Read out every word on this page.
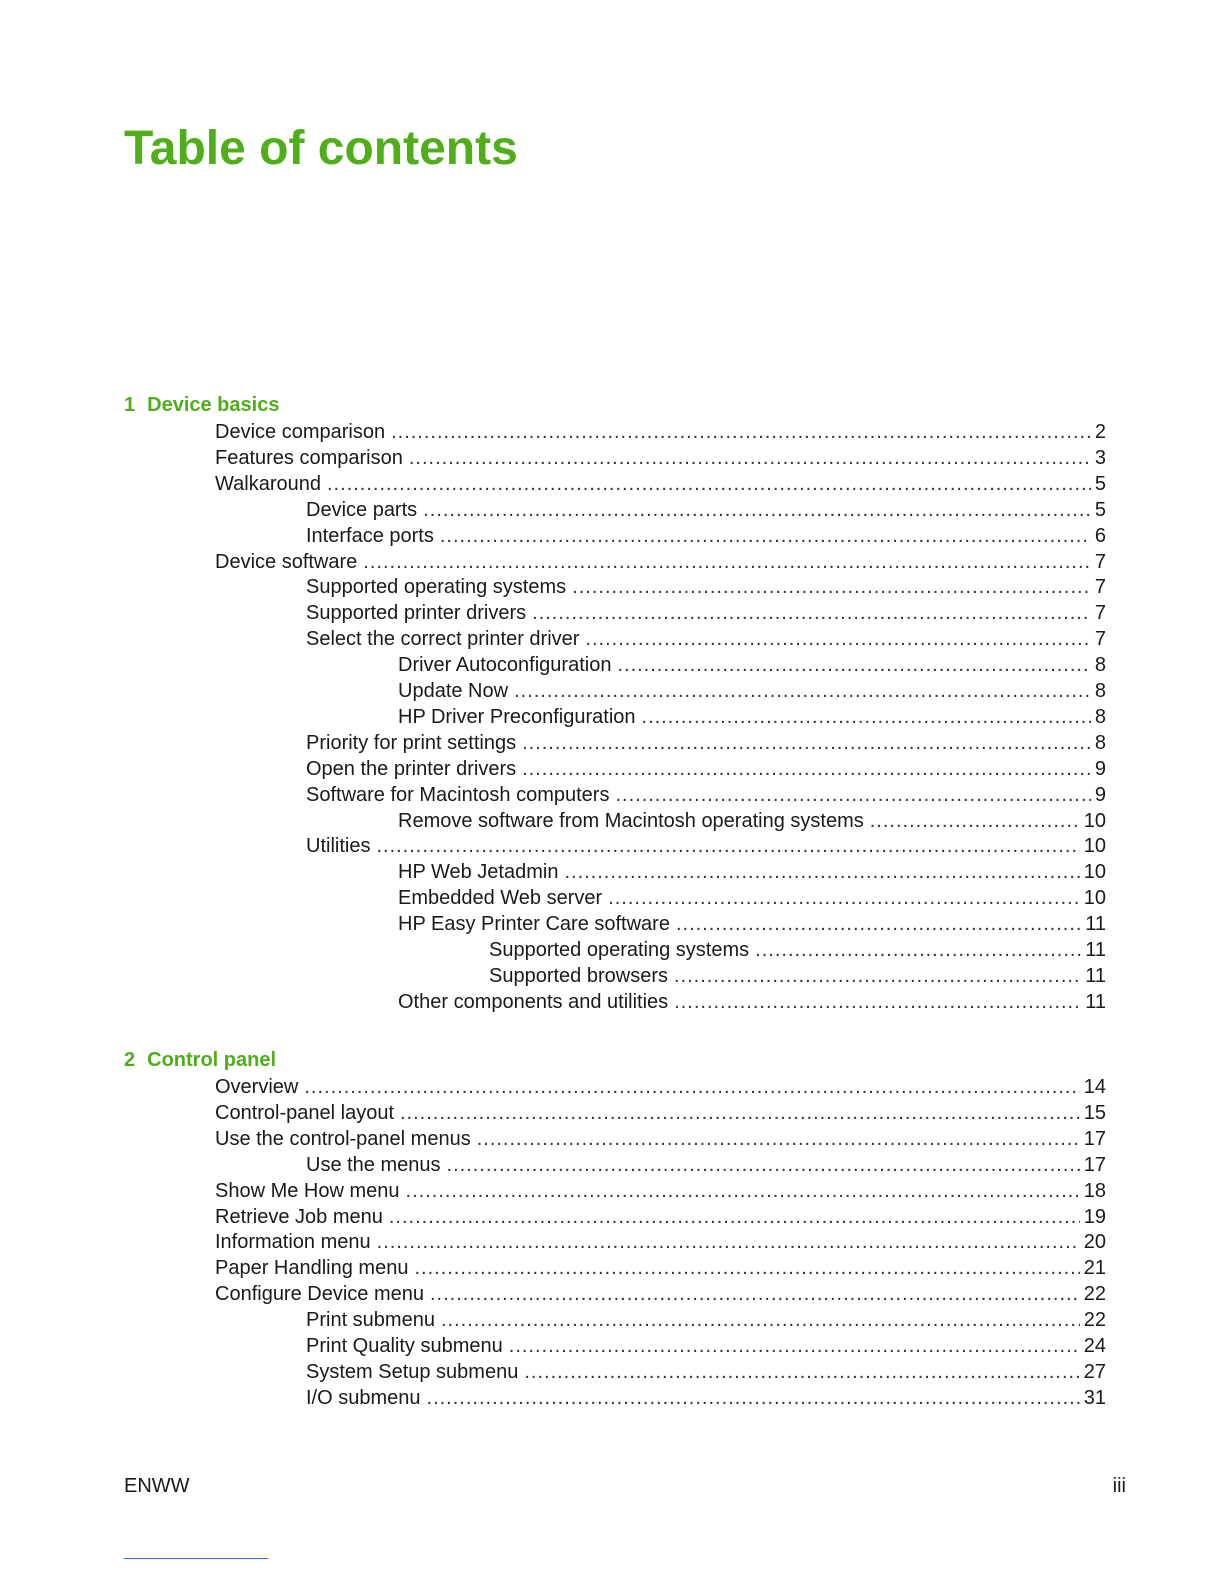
Table of contents
1 Device basics
Device comparison .....	2
Features comparison .....	3
Walkaround .....	5
Device parts .....	5
Interface ports .....	6
Device software .....	7
Supported operating systems .....	7
Supported printer drivers .....	7
Select the correct printer driver .....	7
Driver Autoconfiguration .....	8
Update Now .....	8
HP Driver Preconfiguration .....	8
Priority for print settings .....	8
Open the printer drivers .....	9
Software for Macintosh computers .....	9
Remove software from Macintosh operating systems .....	10
Utilities .....	10
HP Web Jetadmin .....	10
Embedded Web server .....	10
HP Easy Printer Care software .....	11
Supported operating systems .....	11
Supported browsers .....	11
Other components and utilities .....	11
2 Control panel
Overview .....	14
Control-panel layout .....	15
Use the control-panel menus .....	17
Use the menus .....	17
Show Me How menu .....	18
Retrieve Job menu .....	19
Information menu .....	20
Paper Handling menu .....	21
Configure Device menu .....	22
Print submenu .....	22
Print Quality submenu .....	24
System Setup submenu .....	27
I/O submenu .....	31
ENWW	iii
